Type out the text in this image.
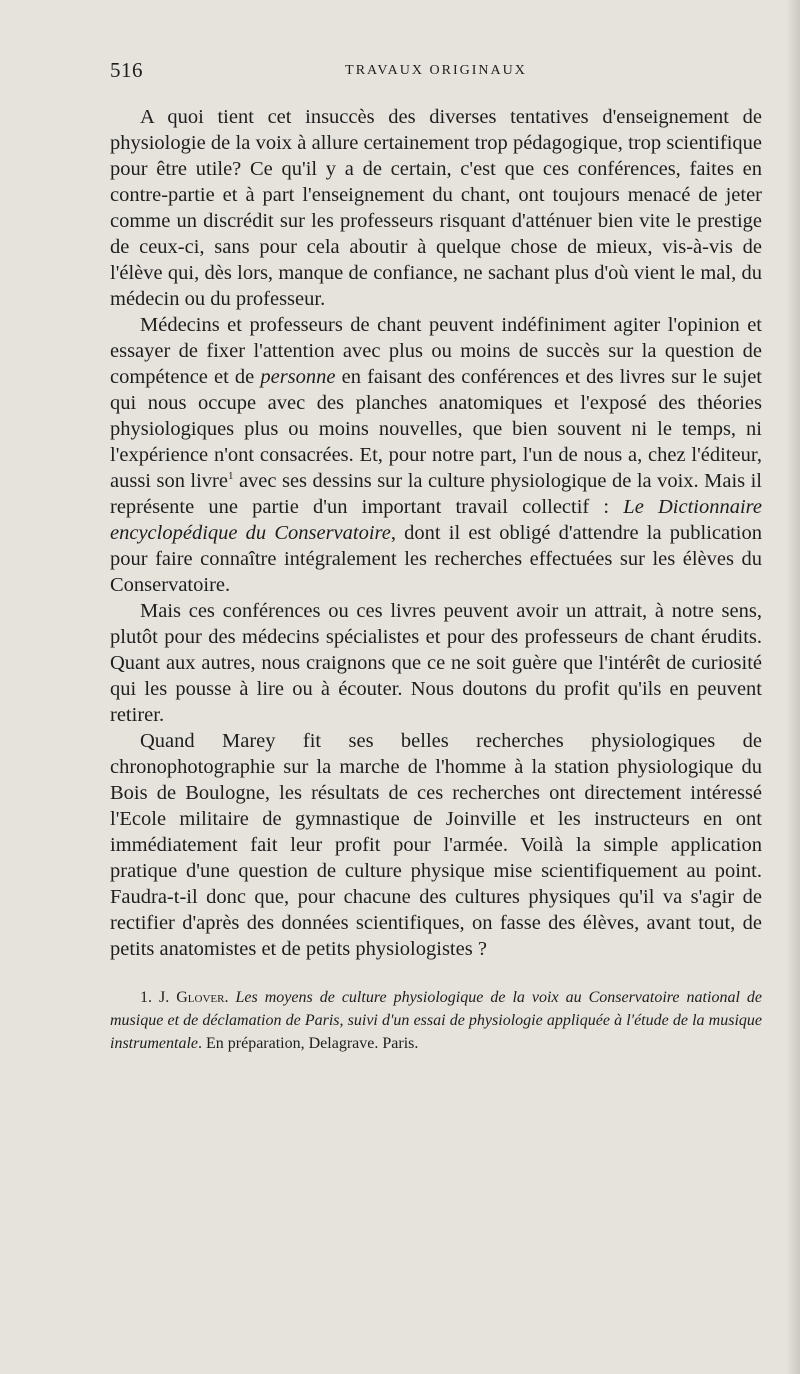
516	TRAVAUX ORIGINAUX

A quoi tient cet insuccès des diverses tentatives d'enseignement de physiologie de la voix à allure certainement trop pédagogique, trop scientifique pour être utile? Ce qu'il y a de certain, c'est que ces conférences, faites en contre-partie et à part l'enseignement du chant, ont toujours menacé de jeter comme un discrédit sur les professeurs risquant d'atténuer bien vite le prestige de ceux-ci, sans pour cela aboutir à quelque chose de mieux, vis-à-vis de l'élève qui, dès lors, manque de confiance, ne sachant plus d'où vient le mal, du médecin ou du professeur.

Médecins et professeurs de chant peuvent indéfiniment agiter l'opinion et essayer de fixer l'attention avec plus ou moins de succès sur la question de compétence et de personne en faisant des conférences et des livres sur le sujet qui nous occupe avec des planches anatomiques et l'exposé des théories physiologiques plus ou moins nouvelles, que bien souvent ni le temps, ni l'expérience n'ont consacrées. Et, pour notre part, l'un de nous a, chez l'éditeur, aussi son livre$^1$ avec ses dessins sur la culture physiologique de la voix. Mais il représente une partie d'un important travail collectif : Le Dictionnaire encyclopédique du Conservatoire, dont il est obligé d'attendre la publication pour faire connaître intégralement les recherches effectuées sur les élèves du Conservatoire.

Mais ces conférences ou ces livres peuvent avoir un attrait, à notre sens, plutôt pour des médecins spécialistes et pour des professeurs de chant érudits. Quant aux autres, nous craignons que ce ne soit guère que l'intérêt de curiosité qui les pousse à lire ou à écouter. Nous doutons du profit qu'ils en peuvent retirer.

Quand Marey fit ses belles recherches physiologiques de chronophotographie sur la marche de l'homme à la station physiologique du Bois de Boulogne, les résultats de ces recherches ont directement intéressé l'Ecole militaire de gymnastique de Joinville et les instructeurs en ont immédiatement fait leur profit pour l'armée. Voilà la simple application pratique d'une question de culture physique mise scientifiquement au point. Faudra-t-il donc que, pour chacune des cultures physiques qu'il va s'agir de rectifier d'après des données scientifiques, on fasse des élèves, avant tout, de petits anatomistes et de petits physiologistes ?

1. J. Glover. Les moyens de culture physiologique de la voix au Conservatoire national de musique et de déclamation de Paris, suivi d'un essai de physiologie appliquée à l'étude de la musique instrumentale. En préparation, Delagrave. Paris.
